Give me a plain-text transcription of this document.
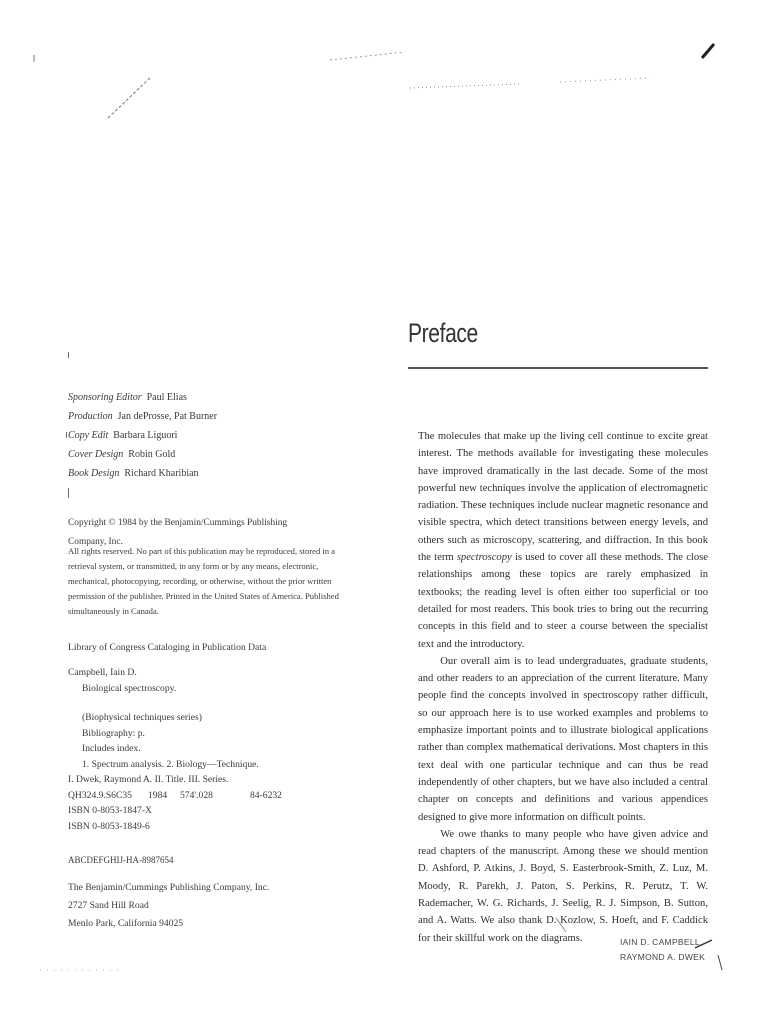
Preface
Sponsoring Editor Paul Elias
Production Jan deProsse, Pat Burner
Copy Edit Barbara Liguori
Cover Design Robin Gold
Book Design Richard Kharibian
Copyright © 1984 by the Benjamin/Cummings Publishing Company, Inc.
All rights reserved. No part of this publication may be reproduced, stored in a retrieval system, or transmitted, in any form or by any means, electronic, mechanical, photocopying, recording, or otherwise, without the prior written permission of the publisher. Printed in the United States of America. Published simultaneously in Canada.
Library of Congress Cataloging in Publication Data
Campbell, Iain D.
Biological spectroscopy.
(Biophysical techniques series)
Bibliography: p.
Includes index.
1. Spectrum analysis. 2. Biology—Technique.
I. Dwek, Raymond A. II. Title. III. Series.
QH324.9.S6C35	1984	574'.028	84-6232
ISBN 0-8053-1847-X
ISBN 0-8053-1849-6
ABCDEFGHIJ-HA-8987654
The Benjamin/Cummings Publishing Company, Inc.
2727 Sand Hill Road
Menlo Park, California 94025

The molecules that make up the living cell continue to excite great interest. The methods available for investigating these molecules have improved dramatically in the last decade. Some of the most powerful new techniques involve the application of electromagnetic radiation. These techniques include nuclear magnetic resonance and visible spectra, which detect transitions between energy levels, and others such as microscopy, scattering, and diffraction. In this book the term spectroscopy is used to cover all these methods. The close relationships among these topics are rarely emphasized in textbooks; the reading level is often either too superficial or too detailed for most readers. This book tries to bring out the recurring concepts in this field and to steer a course between the specialist text and the introductory.

Our overall aim is to lead undergraduates, graduate students, and other readers to an appreciation of the current literature. Many people find the concepts involved in spectroscopy rather difficult, so our approach here is to use worked examples and problems to emphasize important points and to illustrate biological applications rather than complex mathematical derivations. Most chapters in this text deal with one particular technique and can thus be read independently of other chapters, but we have also included a central chapter on concepts and definitions and various appendices designed to give more information on difficult points.

We owe thanks to many people who have given advice and read chapters of the manuscript. Among these we should mention D. Ashford, P. Atkins, J. Boyd, S. Easterbrook-Smith, Z. Luz, M. Moody, R. Parekh, J. Paton, S. Perkins, R. Perutz, T. W. Rademacher, W. G. Richards, J. Seelig, R. J. Simpson, B. Sutton, and A. Watts. We also thank D. Kozlow, S. Hoeft, and F. Caddick for their skillful work on the diagrams.	IAIN D. CAMPBELL
RAYMOND A. DWEK
